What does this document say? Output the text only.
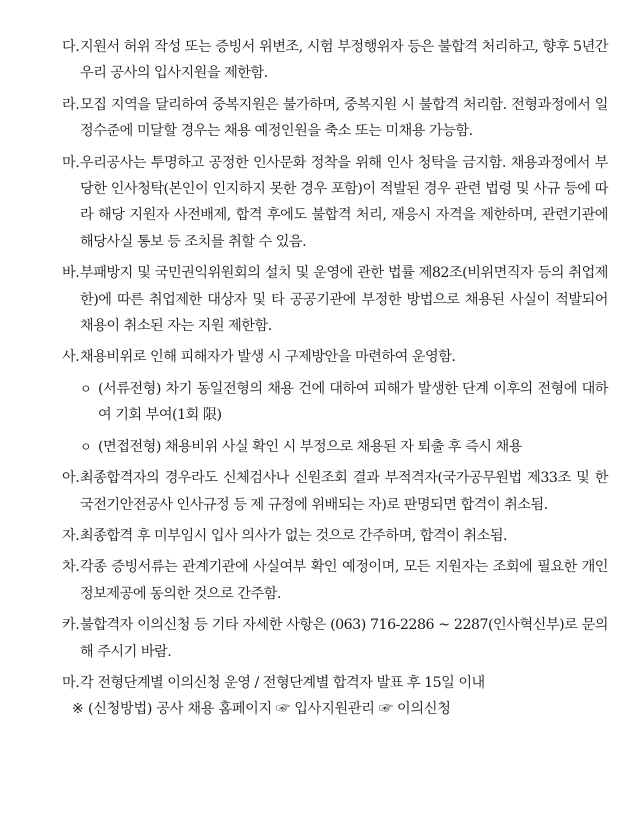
다. 지원서 허위 작성 또는 증빙서 위변조, 시험 부정행위자 등은 불합격 처리하고, 향후 5년간 우리 공사의 입사지원을 제한함.
라. 모집 지역을 달리하여 중복지원은 불가하며, 중복지원 시 불합격 처리함. 전형과정에서 일정수준에 미달할 경우는 채용 예정인원을 축소 또는 미채용 가능함.
마. 우리공사는 투명하고 공정한 인사문화 정착을 위해 인사 청탁을 금지함. 채용과정에서 부당한 인사청탁(본인이 인지하지 못한 경우 포함)이 적발된 경우 관련 법령 및 사규 등에 따라 해당 지원자 사전배제, 합격 후에도 불합격 처리, 재응시 자격을 제한하며, 관련기관에 해당사실 통보 등 조치를 취할 수 있음.
바. 부패방지 및 국민권익위원회의 설치 및 운영에 관한 법률 제82조(비위면직자 등의 취업제한)에 따른 취업제한 대상자 및 타 공공기관에 부정한 방법으로 채용된 사실이 적발되어 채용이 취소된 자는 지원 제한함.
사. 채용비위로 인해 피해자가 발생 시 구제방안을 마련하여 운영함.
ㅇ (서류전형) 차기 동일전형의 채용 건에 대하여 피해가 발생한 단계 이후의 전형에 대하여 기회 부여(1회 限)
ㅇ (면접전형) 채용비위 사실 확인 시 부정으로 채용된 자 퇴출 후 즉시 채용
아. 최종합격자의 경우라도 신체검사나 신원조회 결과 부적격자(국가공무원법 제33조 및 한국전기안전공사 인사규정 등 제 규정에 위배되는 자)로 판명되면 합격이 취소됨.
자. 최종합격 후 미부임시 입사 의사가 없는 것으로 간주하며, 합격이 취소됨.
차. 각종 증빙서류는 관계기관에 사실여부 확인 예정이며, 모든 지원자는 조회에 필요한 개인 정보제공에 동의한 것으로 간주함.
카. 불합격자 이의신청 등 기타 자세한 사항은 (063) 716-2286 ~ 2287(인사혁신부)로 문의해 주시기 바람.
마. 각 전형단계별 이의신청 운영 / 전형단계별 합격자 발표 후 15일 이내
※ (신청방법) 공사 채용 홈페이지 ☞ 입사지원관리 ☞ 이의신청
